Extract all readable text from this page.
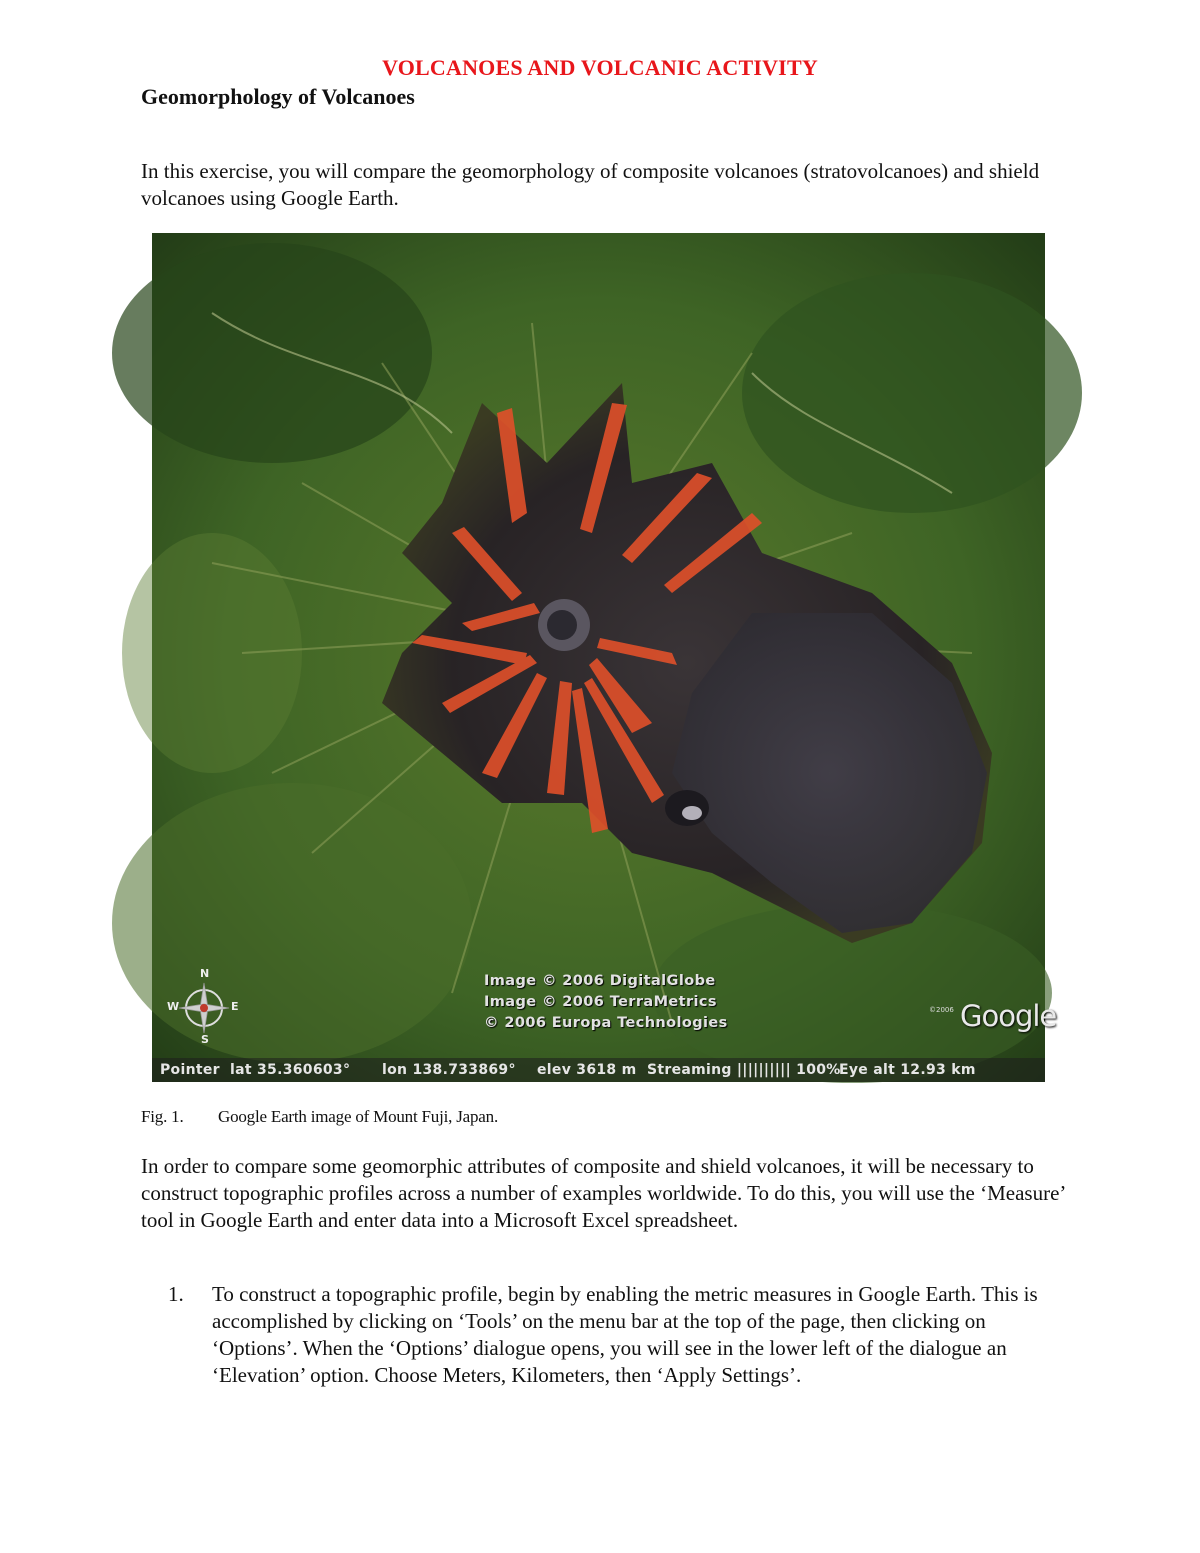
VOLCANOES AND VOLCANIC ACTIVITY
Geomorphology of Volcanoes

In this exercise, you will compare the geomorphology of composite volcanoes (stratovolcanoes) and shield volcanoes using Google Earth.

N
S
W	E
Image © 2006 DigitalGlobe
Image © 2006 TerraMetrics
© 2006 Europa Technologies
©2006 Google
Pointer lat 35.360603° lon 138.733869° elev 3618 m Streaming |||||||||| 100%
Eye alt 12.93 km
Fig. 1. Google Earth image of Mount Fuji, Japan.

In order to compare some geomorphic attributes of composite and shield volcanoes, it will be necessary to construct topographic profiles across a number of examples worldwide. To do this, you will use the ‘Measure’ tool in Google Earth and enter data into a Microsoft Excel spreadsheet.

1. To construct a topographic profile, begin by enabling the metric measures in Google Earth. This is accomplished by clicking on ‘Tools’ on the menu bar at the top of the page, then clicking on ‘Options’. When the ‘Options’ dialogue opens, you will see in the lower left of the dialogue an ‘Elevation’ option. Choose Meters, Kilometers, then ‘Apply Settings’.
